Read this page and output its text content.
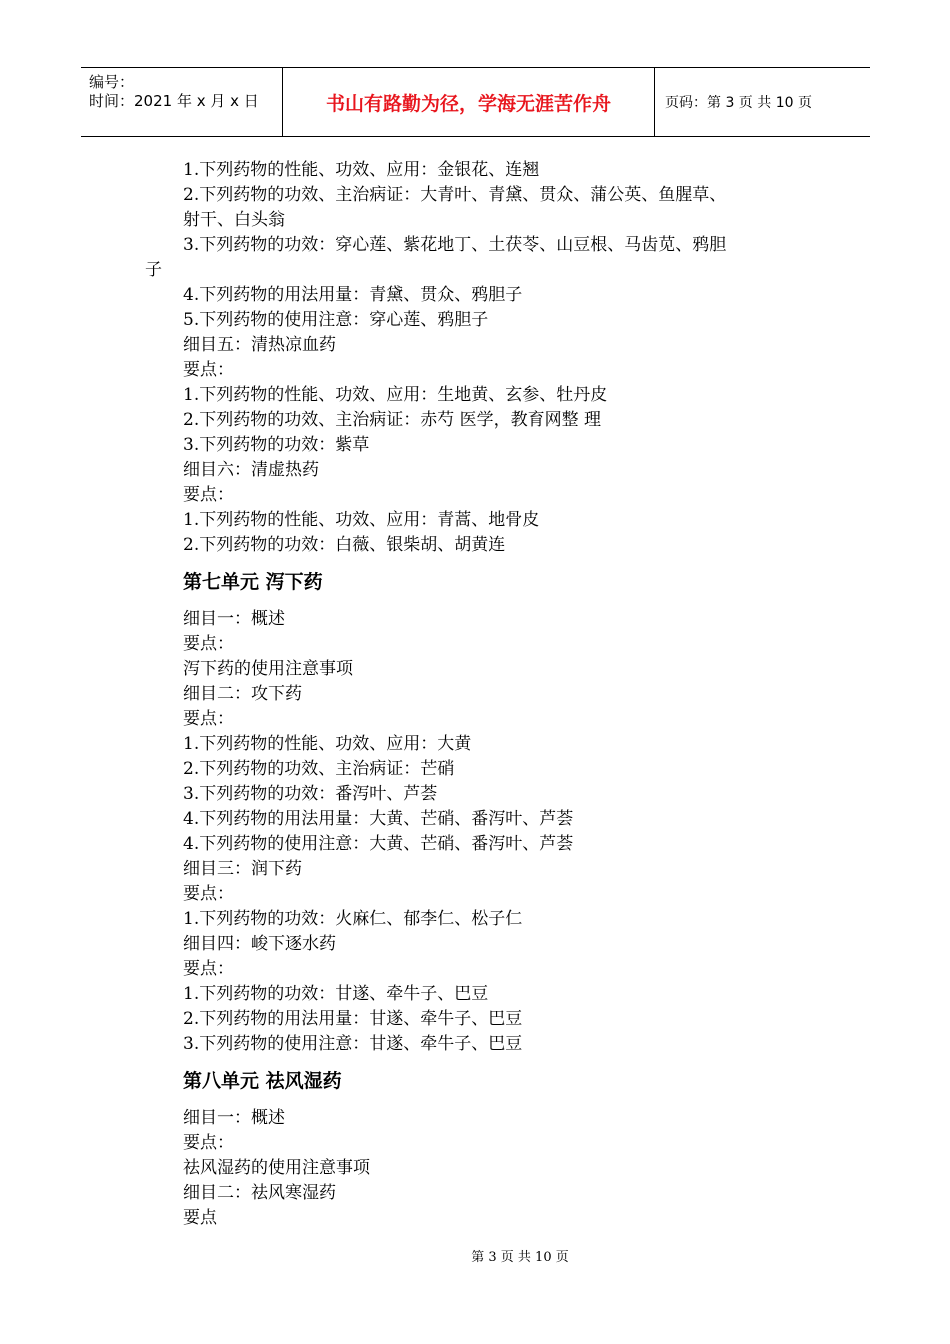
编号：
时间：2021 年 x 月 x 日	书山有路勤为径，学海无涯苦作舟	页码：第 3 页 共 10 页
1.下列药物的性能、功效、应用：金银花、连翘
2.下列药物的功效、主治病证：大青叶、青黛、贯众、蒲公英、鱼腥草、
射干、白头翁
3.下列药物的功效：穿心莲、紫花地丁、土茯苓、山豆根、马齿苋、鸦胆
子
4.下列药物的用法用量：青黛、贯众、鸦胆子
5.下列药物的使用注意：穿心莲、鸦胆子
细目五：清热凉血药
要点：
1.下列药物的性能、功效、应用：生地黄、玄参、牡丹皮
2.下列药物的功效、主治病证：赤芍 医学，教育网整 理
3.下列药物的功效：紫草
细目六：清虚热药
要点：
1.下列药物的性能、功效、应用：青蒿、地骨皮
2.下列药物的功效：白薇、银柴胡、胡黄连
第七单元 泻下药
细目一：概述
要点：
泻下药的使用注意事项
细目二：攻下药
要点：
1.下列药物的性能、功效、应用：大黄
2.下列药物的功效、主治病证：芒硝
3.下列药物的功效：番泻叶、芦荟
4.下列药物的用法用量：大黄、芒硝、番泻叶、芦荟
4.下列药物的使用注意：大黄、芒硝、番泻叶、芦荟
细目三：润下药
要点：
1.下列药物的功效：火麻仁、郁李仁、松子仁
细目四：峻下逐水药
要点：
1.下列药物的功效：甘遂、牵牛子、巴豆
2.下列药物的用法用量：甘遂、牵牛子、巴豆
3.下列药物的使用注意：甘遂、牵牛子、巴豆
第八单元 祛风湿药
细目一：概述
要点：
祛风湿药的使用注意事项
细目二：祛风寒湿药
要点
第 3 页 共 10 页
